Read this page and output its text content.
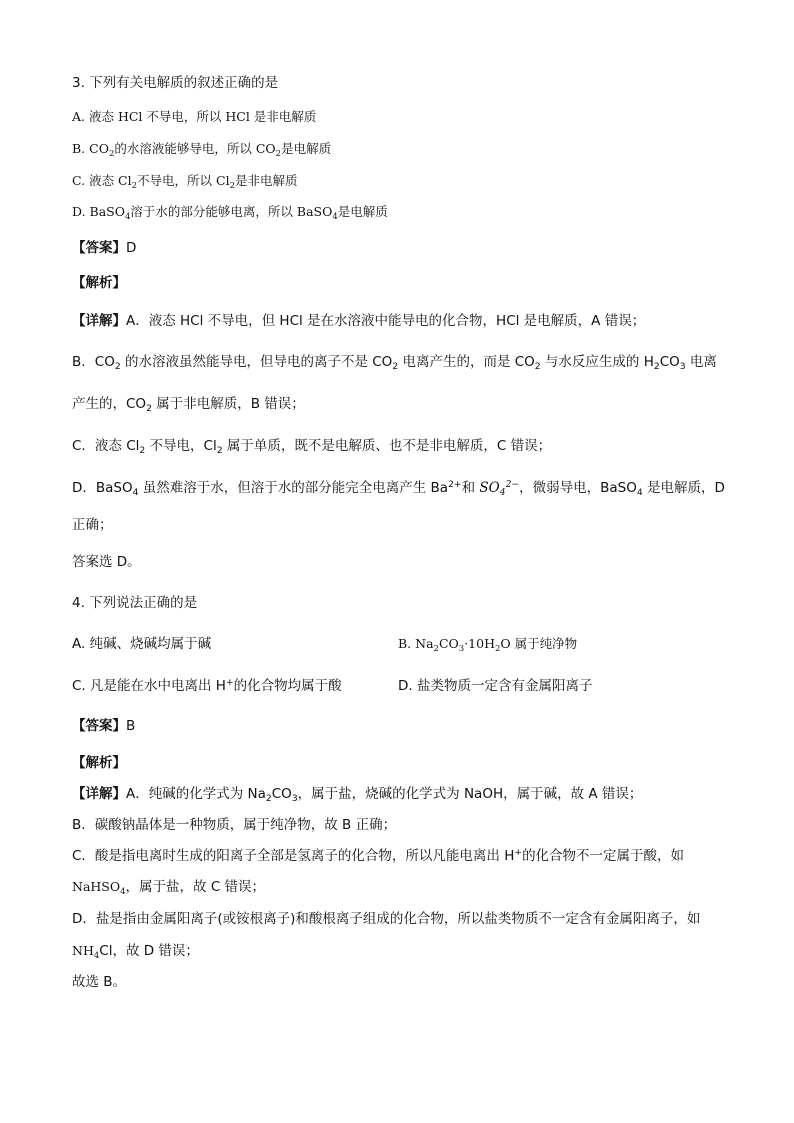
3. 下列有关电解质的叙述正确的是
A. 液态 HCl 不导电，所以 HCl 是非电解质
B. $CO_2$的水溶液能够导电，所以 $CO_2$是电解质
C. 液态 $Cl_2$不导电，所以 $Cl_2$是非电解质
D. BaSO$_4$溶于水的部分能够电离，所以 BaSO$_4$是电解质
【答案】D
【解析】
【详解】A．液态 HCl 不导电，但 HCl 是在水溶液中能导电的化合物，HCl 是电解质，A 错误；
B．$CO_2$ 的水溶液虽然能导电，但导电的离子不是 $CO_2$ 电离产生的，而是 $CO_2$ 与水反应生成的 $H_2CO_3$ 电离
产生的，$CO_2$ 属于非电解质，B 错误；
C．液态 $Cl_2$ 不导电，$Cl_2$ 属于单质，既不是电解质、也不是非电解质，C 错误；
D．BaSO$_4$ 虽然难溶于水，但溶于水的部分能完全电离产生 $Ba^{2+}$和 $SO_4^{2-}$，微弱导电，BaSO$_4$ 是电解质，D
正确；
答案选 D。
4. 下列说法正确的是
A. 纯碱、烧碱均属于碱	B. $Na_2CO_3\cdot 10H_2O$ 属于纯净物
C. 凡是能在水中电离出 H+的化合物均属于酸	D. 盐类物质一定含有金属阳离子
【答案】B
【解析】
【详解】A．纯碱的化学式为 $Na_2CO_3$，属于盐，烧碱的化学式为 NaOH，属于碱，故 A 错误；
B．碳酸钠晶体是一种物质，属于纯净物，故 B 正确；
C．酸是指电离时生成的阳离子全部是氢离子的化合物，所以凡能电离出 H+的化合物不一定属于酸，如
NaHSO$_4$，属于盐，故 C 错误；
D．盐是指由金属阳离子(或铵根离子)和酸根离子组成的化合物，所以盐类物质不一定含有金属阳离子，如
$NH_4Cl$，故 D 错误；
故选 B。
